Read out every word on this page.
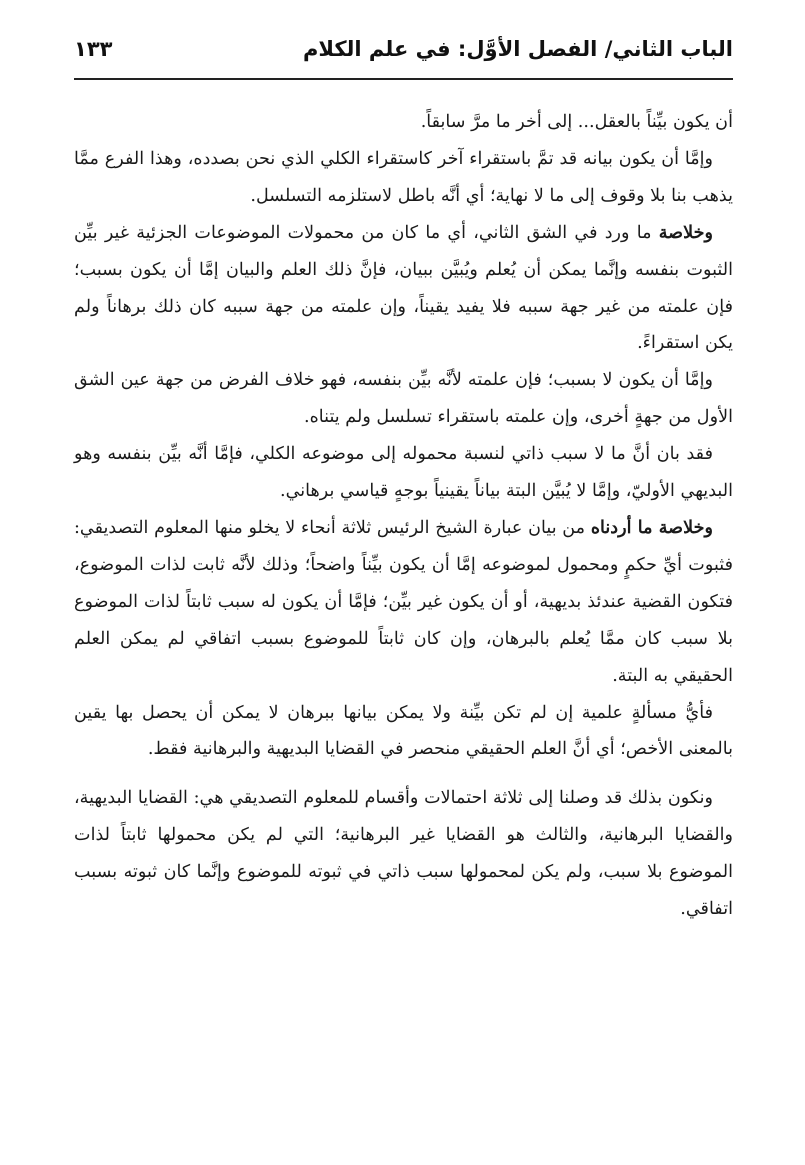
الباب الثاني/ الفصل الأوَّل: في علم الكلام
١٣٣

أن يكون بيِّناً بالعقل... إلى أخر ما مرَّ سابقاً.

وإمَّا أن يكون بيانه قد تمَّ باستقراء آخر كاستقراء الكلي الذي نحن بصدده، وهذا الفرع ممَّا يذهب بنا بلا وقوف إلى ما لا نهاية؛ أي أنَّه باطل لاستلزمه التسلسل.

وخلاصة ما ورد في الشق الثاني، أي ما كان من محمولات الموضوعات الجزئية غير بيِّن الثبوت بنفسه وإنَّما يمكن أن يُعلم ويُبيَّن ببيان، فإنَّ ذلك العلم والبيان إمَّا أن يكون بسبب؛ فإن علمته من غير جهة سببه فلا يفيد يقيناً، وإن علمته من جهة سببه كان ذلك برهاناً ولم يكن استقراءً.

وإمَّا أن يكون لا بسبب؛ فإن علمته لأنَّه بيِّن بنفسه، فهو خلاف الفرض من جهة عين الشق الأول من جهةٍ أخرى، وإن علمته باستقراء تسلسل ولم يتناه.

فقد بان أنَّ ما لا سبب ذاتي لنسبة محموله إلى موضوعه الكلي، فإمَّا أنَّه بيِّن بنفسه وهو البديهي الأوليّ، وإمَّا لا يُبيَّن البتة بياناً يقينياً بوجهٍ قياسي برهاني.

وخلاصة ما أردناه من بيان عبارة الشيخ الرئيس ثلاثة أنحاء لا يخلو منها المعلوم التصديقي: فثبوت أيِّ حكمٍ ومحمول لموضوعه إمَّا أن يكون بيِّناً واضحاً؛ وذلك لأنَّه ثابت لذات الموضوع، فتكون القضية عندئذ بديهية، أو أن يكون غير بيِّن؛ فإمَّا أن يكون له سبب ثابتاً لذات الموضوع بلا سبب كان ممَّا يُعلم بالبرهان، وإن كان ثابتاً للموضوع بسبب اتفاقي لم يمكن العلم الحقيقي به البتة.

فأيُّ مسألةٍ علمية إن لم تكن بيِّنة ولا يمكن بيانها ببرهان لا يمكن أن يحصل بها يقين بالمعنى الأخص؛ أي أنَّ العلم الحقيقي منحصر في القضايا البديهية والبرهانية فقط.

ونكون بذلك قد وصلنا إلى ثلاثة احتمالات وأقسام للمعلوم التصديقي هي: القضايا البديهية، والقضايا البرهانية، والثالث هو القضايا غير البرهانية؛ التي لم يكن محمولها ثابتاً لذات الموضوع بلا سبب، ولم يكن لمحمولها سبب ذاتي في ثبوته للموضوع وإنَّما كان ثبوته بسبب اتفاقي.
